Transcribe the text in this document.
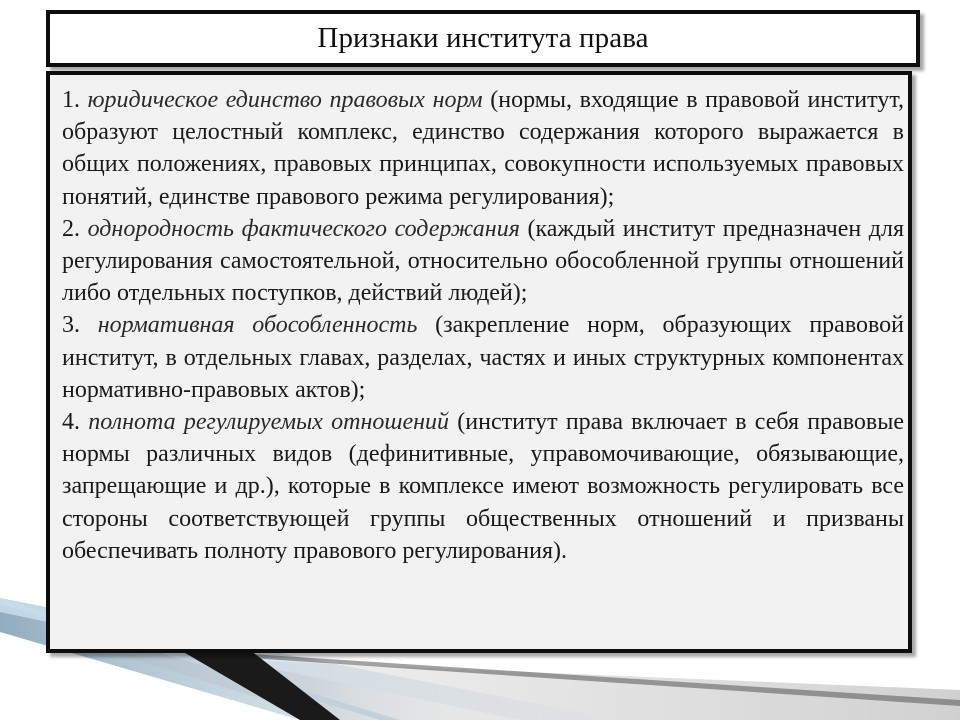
Признаки института права

1. юридическое единство правовых норм (нормы, входящие в правовой институт, образуют целостный комплекс, единство содержания которого выражается в общих положениях, правовых принципах, совокупности используемых правовых понятий, единстве правового режима регулирования);

2. однородность фактического содержания (каждый институт предназначен для регулирования самостоятельной, относительно обособленной группы отношений либо отдельных поступков, действий людей);

3. нормативная обособленность (закрепление норм, образующих правовой институт, в отдельных главах, разделах, частях и иных структурных компонентах нормативно-правовых актов);

4. полнота регулируемых отношений (институт права включает в себя правовые нормы различных видов (дефинитивные, управомочивающие, обязывающие, запрещающие и др.), которые в комплексе имеют возможность регулировать все стороны соответствующей группы общественных отношений и призваны обеспечивать полноту правового регулирования).
